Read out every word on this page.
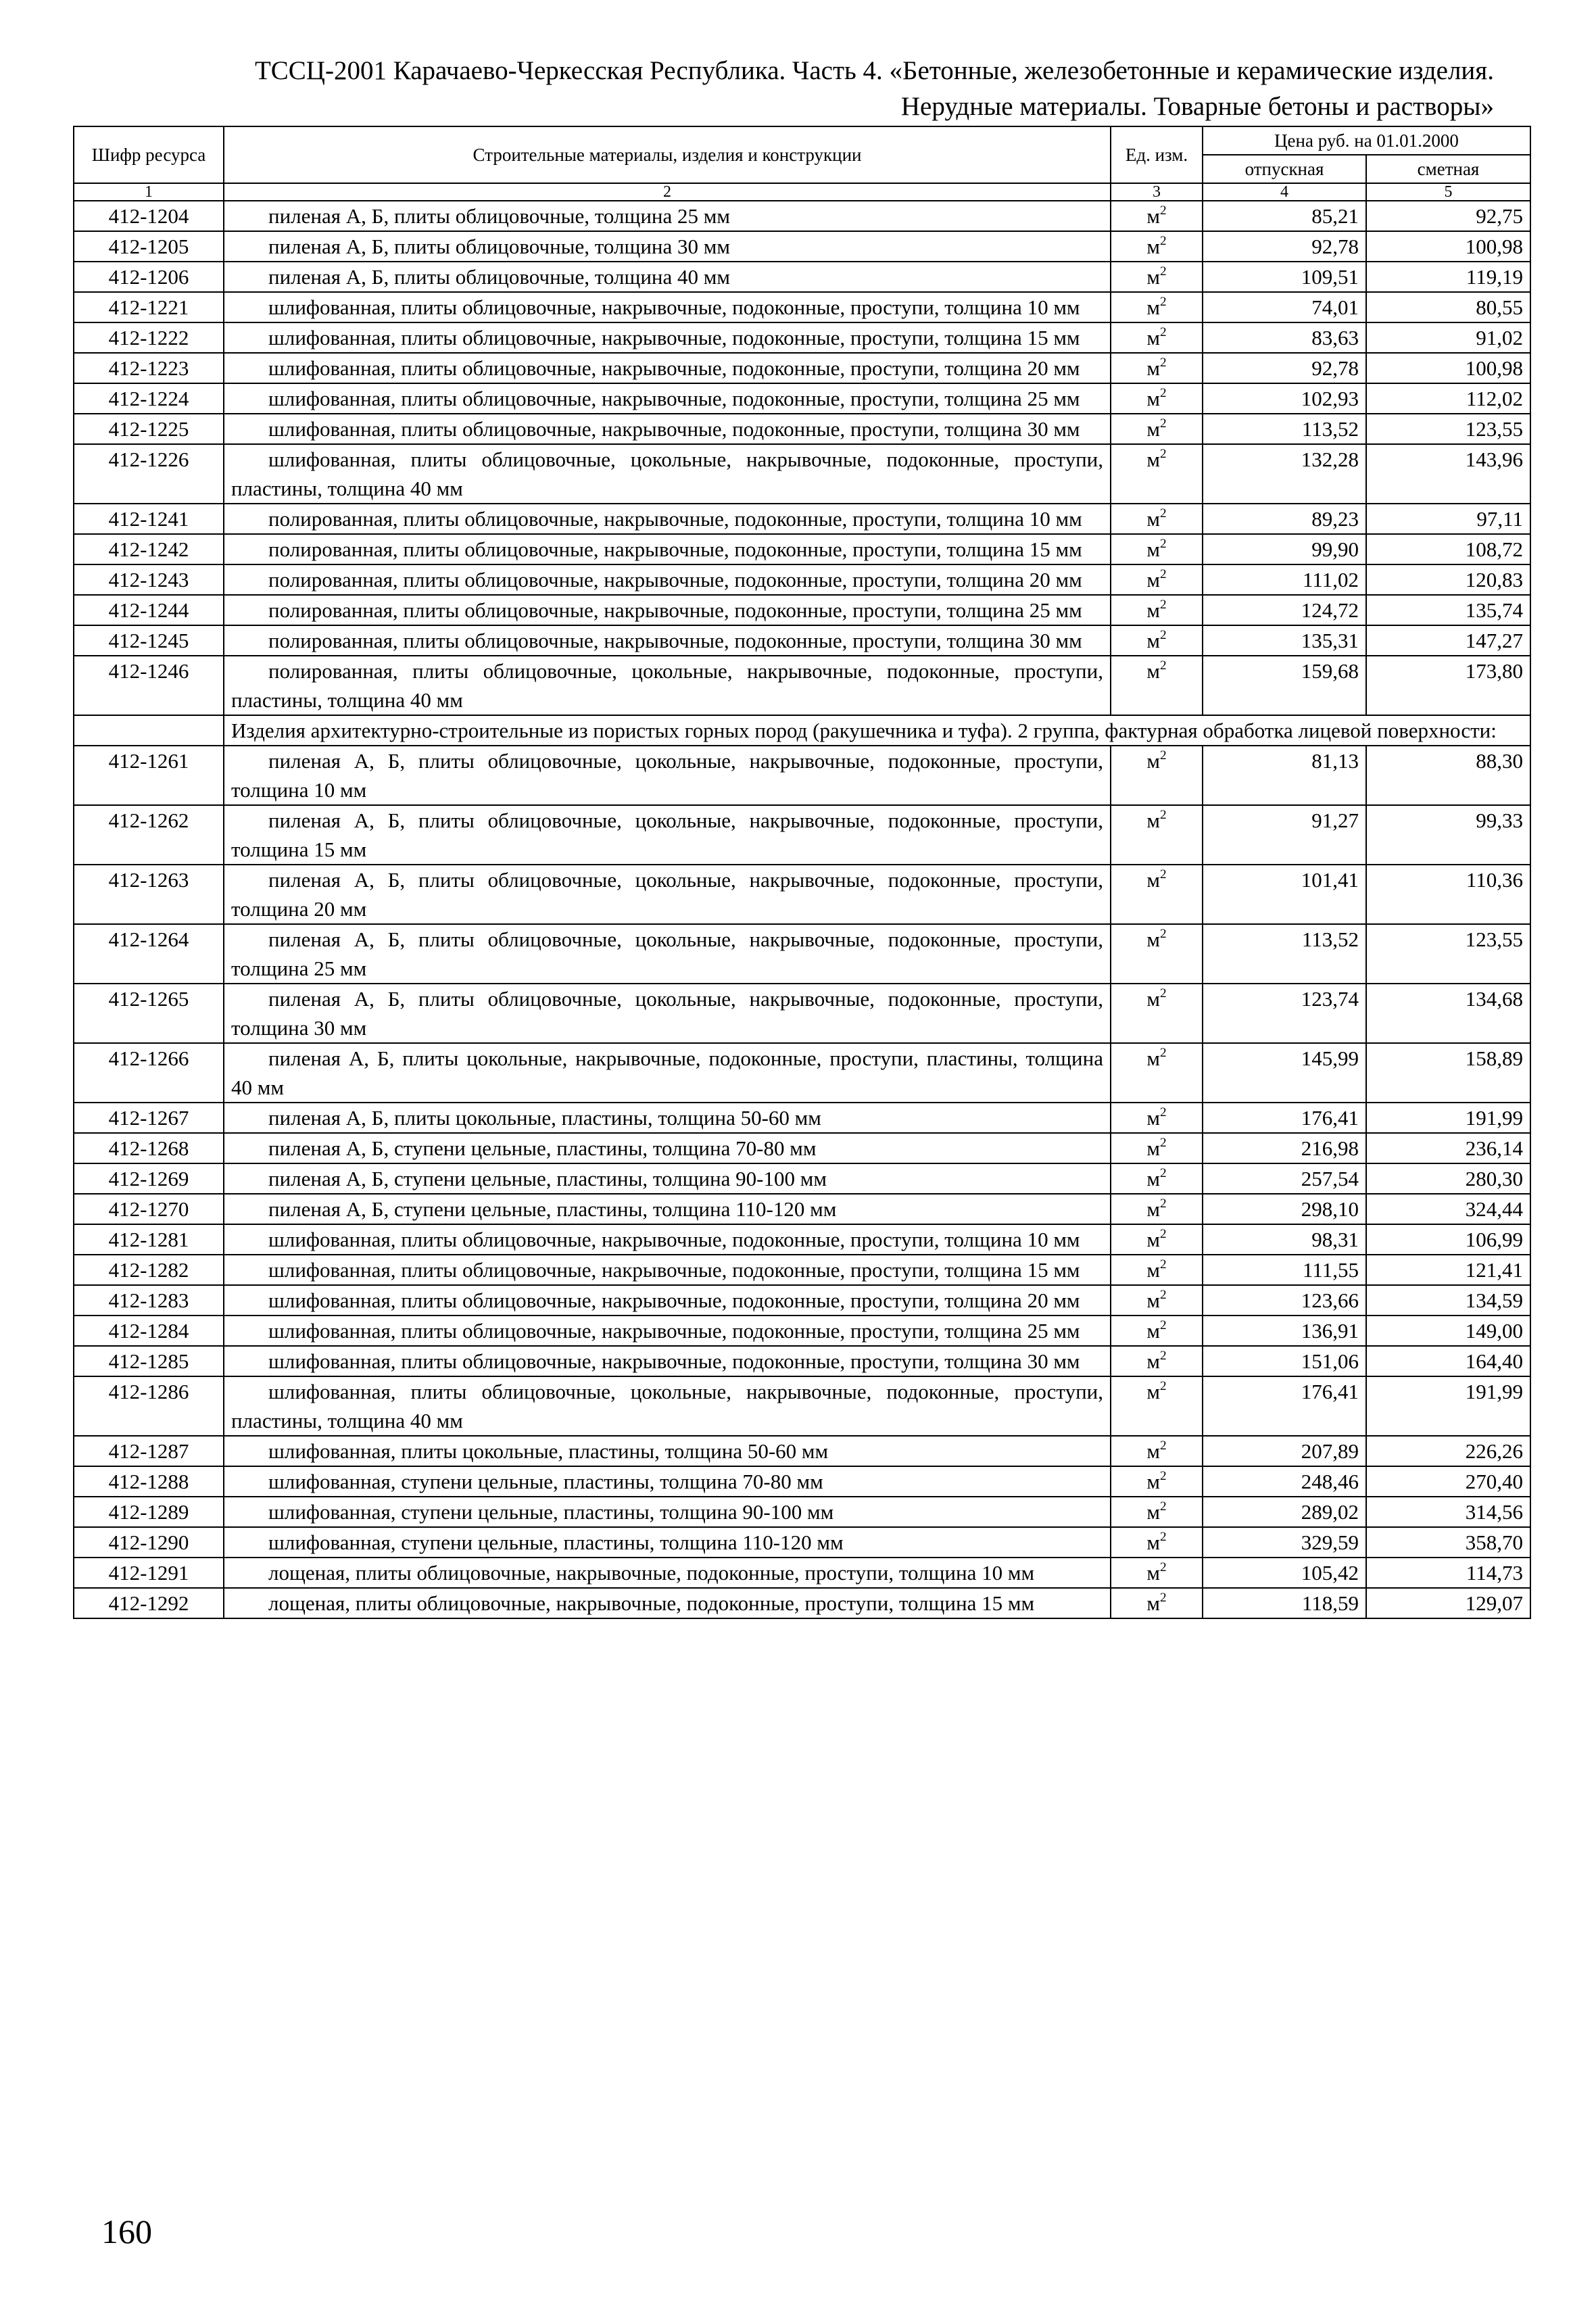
ТССЦ-2001 Карачаево-Черкесская Республика. Часть 4. «Бетонные, железобетонные и керамические изделия.
Нерудные материалы. Товарные бетоны и растворы»
Шифр ресурса	Строительные материалы, изделия и конструкции	Ед. изм.	Цена руб. на 01.01.2000	
			отпускная	сметная
1	2	3	4	5
412-1204	пиленая А, Б, плиты облицовочные, толщина 25 мм	$м^2$	85,21	92,75
412-1205	пиленая А, Б, плиты облицовочные, толщина 30 мм	$м^2$	92,78	100,98
412-1206	пиленая А, Б, плиты облицовочные, толщина 40 мм	$м^2$	109,51	119,19
412-1221	шлифованная, плиты облицовочные, накрывочные, подоконные, проступи, толщина 10 мм	$м^2$	74,01	80,55
412-1222	шлифованная, плиты облицовочные, накрывочные, подоконные, проступи, толщина 15 мм	$м^2$	83,63	91,02
412-1223	шлифованная, плиты облицовочные, накрывочные, подоконные, проступи, толщина 20 мм	$м^2$	92,78	100,98
412-1224	шлифованная, плиты облицовочные, накрывочные, подоконные, проступи, толщина 25 мм	$м^2$	102,93	112,02
412-1225	шлифованная, плиты облицовочные, накрывочные, подоконные, проступи, толщина 30 мм	$м^2$	113,52	123,55
412-1226	шлифованная, плиты облицовочные, цокольные, накрывочные, подоконные, проступи, пластины, толщина 40 мм	$м^2$	132,28	143,96
412-1241	полированная, плиты облицовочные, накрывочные, подоконные, проступи, толщина 10 мм	$м^2$	89,23	97,11
412-1242	полированная, плиты облицовочные, накрывочные, подоконные, проступи, толщина 15 мм	$м^2$	99,90	108,72
412-1243	полированная, плиты облицовочные, накрывочные, подоконные, проступи, толщина 20 мм	$м^2$	111,02	120,83
412-1244	полированная, плиты облицовочные, накрывочные, подоконные, проступи, толщина 25 мм	$м^2$	124,72	135,74
412-1245	полированная, плиты облицовочные, накрывочные, подоконные, проступи, толщина 30 мм	$м^2$	135,31	147,27
412-1246	полированная, плиты облицовочные, цокольные, накрывочные, подоконные, проступи, пластины, толщина 40 мм	$м^2$	159,68	173,80
	Изделия архитектурно-строительные из пористых горных пород (ракушечника и туфа). 2 группа, фактурная обработка лицевой поверхности:			
412-1261	пиленая А, Б, плиты облицовочные, цокольные, накрывочные, подоконные, проступи, толщина 10 мм	$м^2$	81,13	88,30
412-1262	пиленая А, Б, плиты облицовочные, цокольные, накрывочные, подоконные, проступи, толщина 15 мм	$м^2$	91,27	99,33
412-1263	пиленая А, Б, плиты облицовочные, цокольные, накрывочные, подоконные, проступи, толщина 20 мм	$м^2$	101,41	110,36
412-1264	пиленая А, Б, плиты облицовочные, цокольные, накрывочные, подоконные, проступи, толщина 25 мм	$м^2$	113,52	123,55
412-1265	пиленая А, Б, плиты облицовочные, цокольные, накрывочные, подоконные, проступи, толщина 30 мм	$м^2$	123,74	134,68
412-1266	пиленая А, Б, плиты цокольные, накрывочные, подоконные, проступи, пластины, толщина 40 мм	$м^2$	145,99	158,89
412-1267	пиленая А, Б, плиты цокольные, пластины, толщина 50-60 мм	$м^2$	176,41	191,99
412-1268	пиленая А, Б, ступени цельные, пластины, толщина 70-80 мм	$м^2$	216,98	236,14
412-1269	пиленая А, Б, ступени цельные, пластины, толщина 90-100 мм	$м^2$	257,54	280,30
412-1270	пиленая А, Б, ступени цельные, пластины, толщина 110-120 мм	$м^2$	298,10	324,44
412-1281	шлифованная, плиты облицовочные, накрывочные, подоконные, проступи, толщина 10 мм	$м^2$	98,31	106,99
412-1282	шлифованная, плиты облицовочные, накрывочные, подоконные, проступи, толщина 15 мм	$м^2$	111,55	121,41
412-1283	шлифованная, плиты облицовочные, накрывочные, подоконные, проступи, толщина 20 мм	$м^2$	123,66	134,59
412-1284	шлифованная, плиты облицовочные, накрывочные, подоконные, проступи, толщина 25 мм	$м^2$	136,91	149,00
412-1285	шлифованная, плиты облицовочные, накрывочные, подоконные, проступи, толщина 30 мм	$м^2$	151,06	164,40
412-1286	шлифованная, плиты облицовочные, цокольные, накрывочные, подоконные, проступи, пластины, толщина 40 мм	$м^2$	176,41	191,99
412-1287	шлифованная, плиты цокольные, пластины, толщина 50-60 мм	$м^2$	207,89	226,26
412-1288	шлифованная, ступени цельные, пластины, толщина 70-80 мм	$м^2$	248,46	270,40
412-1289	шлифованная, ступени цельные, пластины, толщина 90-100 мм	$м^2$	289,02	314,56
412-1290	шлифованная, ступени цельные, пластины, толщина 110-120 мм	$м^2$	329,59	358,70
412-1291	лощеная, плиты облицовочные, накрывочные, подоконные, проступи, толщина 10 мм	$м^2$	105,42	114,73
412-1292	лощеная, плиты облицовочные, накрывочные, подоконные, проступи, толщина 15 мм	$м^2$	118,59	129,07
160
